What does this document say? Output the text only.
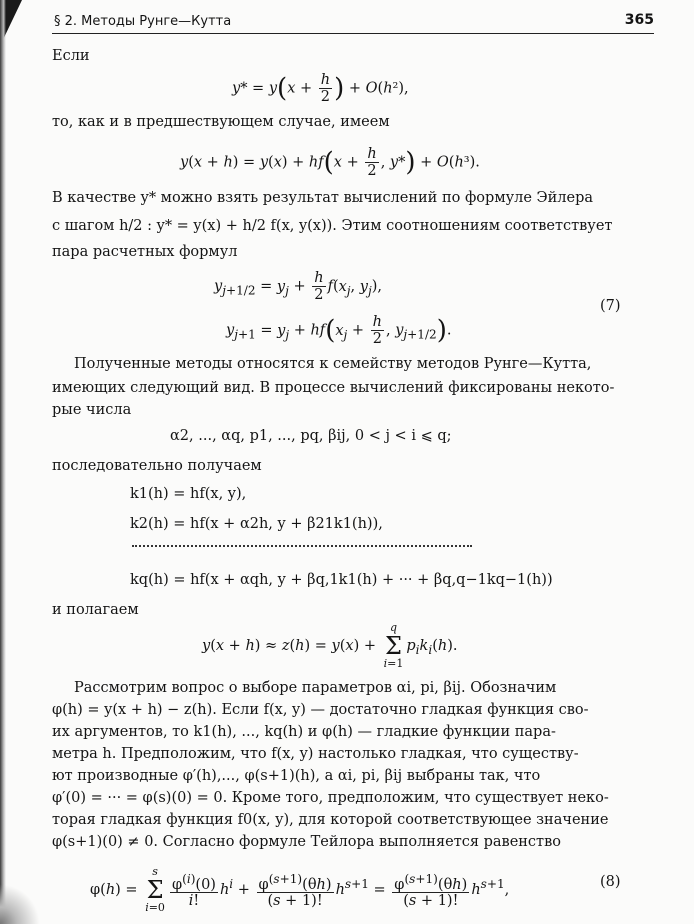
§ 2. Методы Рунге—Кутта	365
Если
$y* = y(x + \frac{h}{2}$ ) + O(h²),
то, как и в предшествующем случае, имеем
$y(x + h) = y(x) + hf(x + \frac{h}{2}$ , y*) + O(h³).
В качестве y* можно взять результат вычислений по формуле Эйлера
с шагом h/2 : y* = y(x) + h/2 f(x, y(x)). Этим соотношениям соответствует
пара расчетных формул
$y_{j+1/2} = y_j + \frac{h}{2} f(x_j$, $y_j$),
(7)
$y_{j+1} = y_j + hf(x_j + \frac{h}{2}$ , $y_{j+1/2}$).
Полученные методы относятся к семейству методов Рунге—Кутта,
имеющих следующий вид. В процессе вычислений фиксированы некото-
рые числа
α2, ..., αq, p1, ..., pq, βij, 0 < j < i ⩽ q;
последовательно получаем
k1(h) = hf(x, y),
k2(h) = hf(x + α2h, y + β21k1(h)),
kq(h) = hf(x + αqh, y + βq,1k1(h) + ··· + βq,q−1kq−1(h))
и полагаем
y(x + h) ≈ z(h) = y(x) + q
Σ
$i=1p_ik_i(h)$.
Рассмотрим вопрос о выборе параметров αi, pi, βij. Обозначим
φ(h) = y(x + h) − z(h). Если f(x, y) — достаточно гладкая функция сво-
их аргументов, то k1(h), ..., kq(h) и φ(h) — гладкие функции пара-
метра h. Предположим, что f(x, y) настолько гладкая, что существу-
ют производные φ′(h),..., φ(s+1)(h), а αi, pi, βij выбраны так, что
φ′(0) = ··· = φ(s)(0) = 0. Кроме того, предположим, что существует неко-
торая гладкая функция f0(x, y), для которой соответствующее значение
φ(s+1)(0) ≠ 0. Согласно формуле Тейлора выполняется равенство
φ(h) = s
Σ
$i=0 \frac{\varphi^{(i)}(0)}{i!} h^i + \frac{\varphi^{(s+1)}(\theta h)}{(s + 1)!} h^{s+1} = \frac{\varphi^{(s+1)}(\theta h)}{(s + 1)!} h^{s+1}$,	(8)
